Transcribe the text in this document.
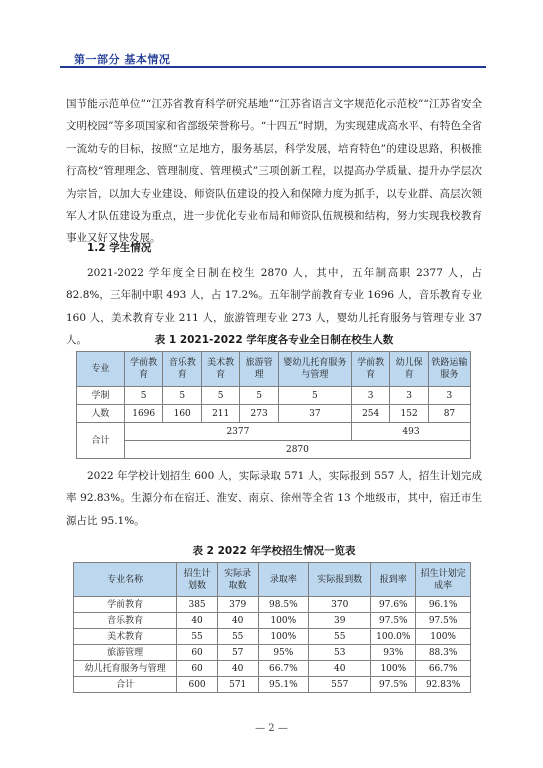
第一部分 基本情况
国节能示范单位”“江苏省教育科学研究基地”“江苏省语言文字规范化示范校”“江苏省安全文明校园”等多项国家和省部级荣誉称号。“十四五”时期，为实现建成高水平、有特色全省一流幼专的目标，按照“立足地方，服务基层，科学发展，培育特色”的建设思路，积极推行高校“管理理念、管理制度、管理模式”三项创新工程，以提高办学质量、提升办学层次为宗旨，以加大专业建设、师资队伍建设的投入和保障力度为抓手，以专业群、高层次领军人才队伍建设为重点，进一步优化专业布局和师资队伍规模和结构，努力实现我校教育事业又好又快发展。
1.2 学生情况
2021-2022 学年度全日制在校生 2870 人，其中，五年制高职 2377 人，占 82.8%，三年制中职 493 人，占 17.2%。五年制学前教育专业 1696 人，音乐教育专业 160 人，美术教育专业 211 人，旅游管理专业 273 人，婴幼儿托育服务与管理专业 37 人。	表 1 2021-2022 学年度各专业全日制在校生人数
专业	学前教育	音乐教育	美术教育	旅游管理	婴幼儿托育服务与管理	学前教育	幼儿保育	铁路运输服务
学制	5	5	5	5	5	3	3	3
人数	1696	160	211	273	37	254	152	87
合计	2377					493		
	2870							
2022 年学校计划招生 600 人，实际录取 571 人，实际报到 557 人，招生计划完成率 92.83%。生源分布在宿迁、淮安、南京、徐州等全省 13 个地级市，其中，宿迁市生源占比 95.1%。
表 2 2022 年学校招生情况一览表
专业名称	招生计划数	实际录取数	录取率	实际报到数	报到率	招生计划完成率
学前教育	385	379	98.5%	370	97.6%	96.1%
音乐教育	40	40	100%	39	97.5%	97.5%
美术教育	55	55	100%	55	100.0%	100%
旅游管理	60	57	95%	53	93%	88.3%
幼儿托育服务与管理	60	40	66.7%	40	100%	66.7%
合计	600	571	95.1%	557	97.5%	92.83%
— 2 —
